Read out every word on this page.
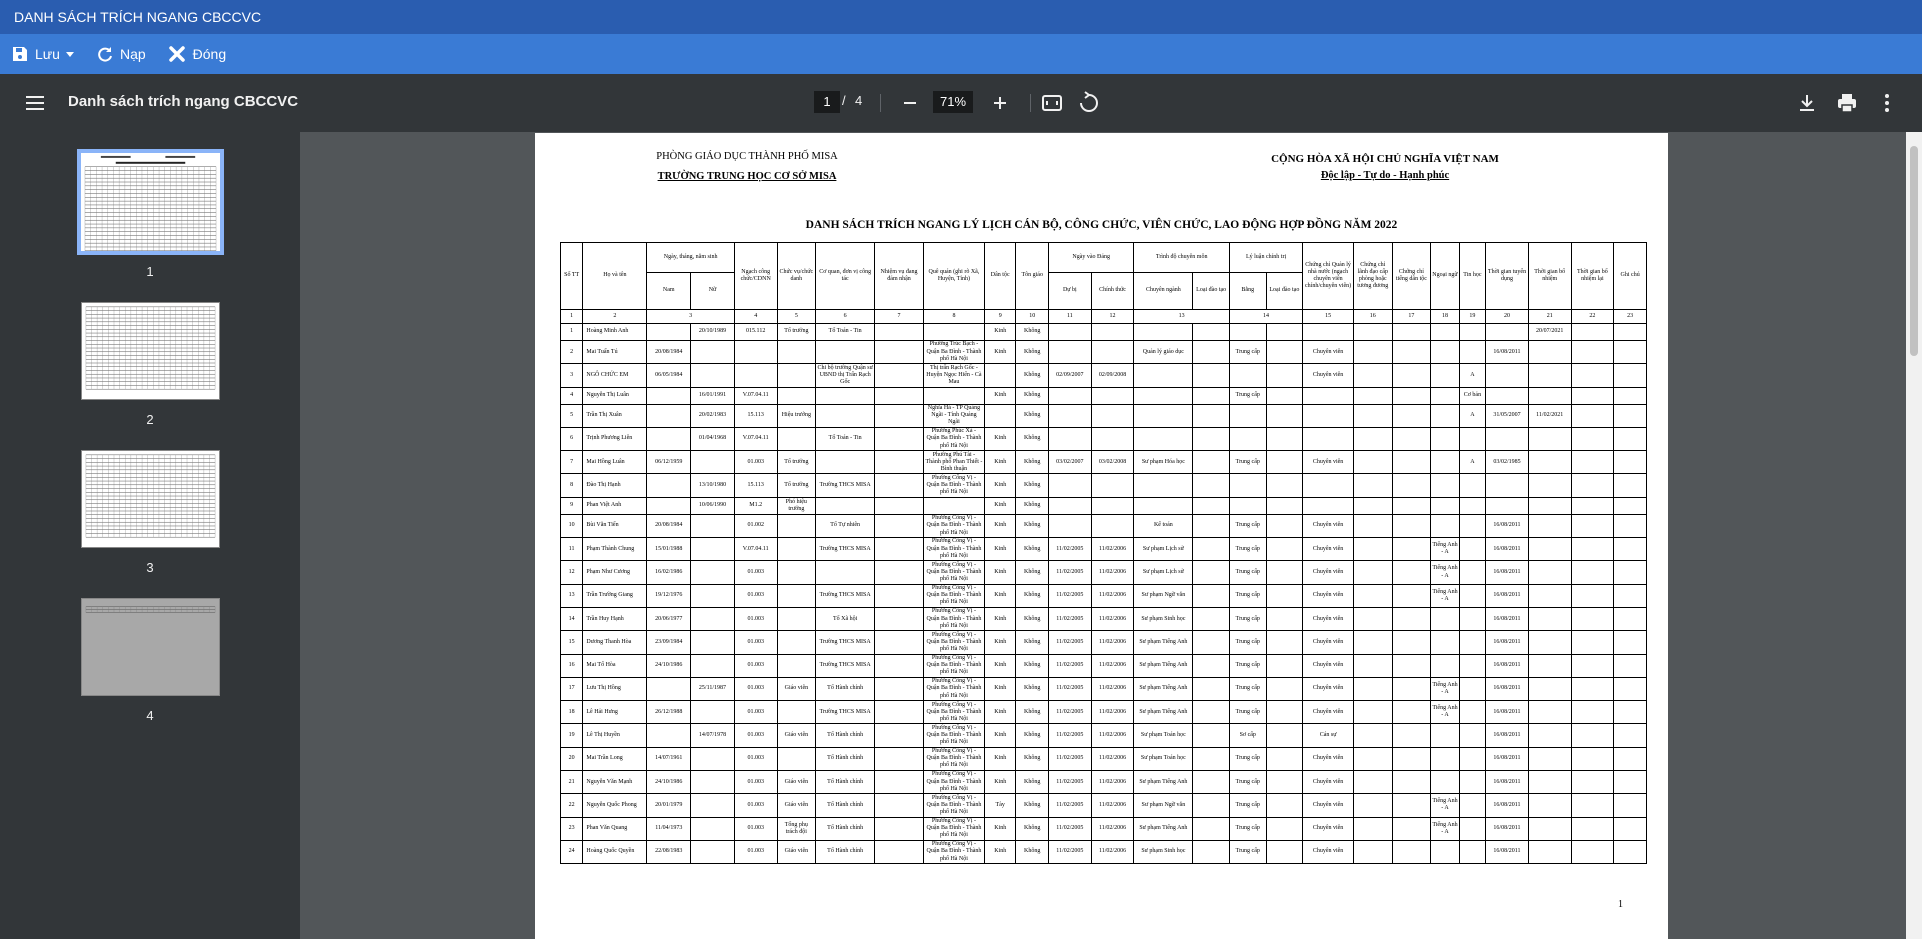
DANH SÁCH TRÍCH NGANG CBCCVC
Lưu	Nạp	Đóng
Danh sách trích ngang CBCCVC	1 / 4	71%
1
2
3
4
PHÒNG GIÁO DỤC THÀNH PHỐ MISA
TRƯỜNG TRUNG HỌC CƠ SỞ MISA
CỘNG HÒA XÃ HỘI CHỦ NGHĨA VIỆT NAM
Độc lập - Tự do - Hạnh phúc
DANH SÁCH TRÍCH NGANG LÝ LỊCH CÁN BỘ, CÔNG CHỨC, VIÊN CHỨC, LAO ĐỘNG HỢP ĐỒNG NĂM 2022
Số TT	Họ và tên	Ngày, tháng, năm sinh		Ngạch công chức/CDNN	Chức vụ/chức danh	Cơ quan, đơn vị công tác	Nhiệm vụ đang đảm nhận	Quê quán (ghi rõ Xã, Huyện, Tỉnh)	Dân tộc	Tôn giáo	Ngày vào Đảng		Trình độ chuyên môn		Lý luận chính trị		Chứng chỉ Quản lý nhà nước (ngạch chuyên viên chính/chuyên viên)	Chứng chỉ lãnh đạo cấp phòng hoặc tương đương	Chứng chỉ tiếng dân tộc	Ngoại ngữ	Tin học	Thời gian tuyển dụng	Thời gian bổ nhiệm	Thời gian bổ nhiệm lại	Ghi chú
		Nam	Nữ								Dự bị	Chính thức	Chuyên ngành	Loại đào tạo	Bằng	Loại đào tạo									
1	2	3		4	5	6	7	8	9	10	11	12	13		14		15	16	17	18	19	20	21	22	23
1	Hoàng Minh Anh		20/10/1989	015.112	Tổ trưởng	Tổ Toán - Tin			Kinh	Không													20/07/2021		
2	Mai Tuấn Tú	20/08/1984						Phường Trúc Bạch - Quận Ba Đình - Thành phố Hà Nội	Kinh	Không			Quản lý giáo dục		Trung cấp		Chuyên viên					16/08/2011			
3	NGÔ CHỨC EM	06/05/1984				Chi bộ trường Quận sư UBND thị Trấn Rạch Gốc		Thị trấn Rạch Gốc - Huyện Ngọc Hiển - Cà Mau		Không	02/09/2007	02/09/2008					Chuyên viên				A				
4	Nguyễn Thị Luân		16/01/1991	V.07.04.11					Kinh	Không					Trung cấp						Cơ bản				
5	Trần Thị Xuân		20/02/1983	15.113	Hiệu trưởng			Nghĩa Hà - TP Quảng Ngãi - Tỉnh Quảng Ngãi		Không											A	31/05/2007	11/02/2021		
6	Trịnh Phương Liên		01/04/1968	V.07.04.11		Tổ Toán - Tin		Phường Phúc Xá - Quận Ba Đình - Thành phố Hà Nội	Kinh	Không															
7	Mai Hồng Luân	06/12/1959		01.003	Tổ trưởng			Phường Phú Tài - Thành phố Phan Thiết - Bình thuận	Kinh	Không	03/02/2007	03/02/2008	Sư phạm Hóa học		Trung cấp		Chuyên viên				A	03/02/1985			
8	Đào Thị Hạnh		13/10/1980	15.113	Tổ trưởng	Trường THCS MISA		Phường Cống Vị - Quận Ba Đình - Thành phố Hà Nội	Kinh	Không															
9	Phan Việt Anh		10/06/1990	M1.2	Phó hiệu trưởng				Kinh	Không															
10	Bùi Văn Tiến	20/08/1984		01.002		Tổ Tự nhiên		Phường Cống Vị - Quận Ba Đình - Thành phố Hà Nội	Kinh	Không			Kế toán		Trung cấp		Chuyên viên					16/08/2011			
11	Phạm Thành Chung	15/01/1988		V.07.04.11		Trường THCS MISA		Phường Cống Vị - Quận Ba Đình - Thành phố Hà Nội	Kinh	Không	11/02/2005	11/02/2006	Sư phạm Lịch sử		Trung cấp		Chuyên viên			Tiếng Anh - A		16/08/2011			
12	Phạm Như Cương	16/02/1986		01.003				Phường Cống Vị - Quận Ba Đình - Thành phố Hà Nội	Kinh	Không	11/02/2005	11/02/2006	Sư phạm Lịch sử		Trung cấp		Chuyên viên			Tiếng Anh - A		16/08/2011			
13	Trần Trường Giang	19/12/1976		01.003		Trường THCS MISA		Phường Cống Vị - Quận Ba Đình - Thành phố Hà Nội	Kinh	Không	11/02/2005	11/02/2006	Sư phạm Ngữ văn		Trung cấp		Chuyên viên			Tiếng Anh - A		16/08/2011			
14	Trần Huy Hạnh	20/06/1977		01.003		Tổ Xã hội		Phường Cống Vị - Quận Ba Đình - Thành phố Hà Nội	Kinh	Không	11/02/2005	11/02/2006	Sư phạm Sinh học		Trung cấp		Chuyên viên					16/08/2011			
15	Dương Thanh Hòa	23/09/1984		01.003		Trường THCS MISA		Phường Cống Vị - Quận Ba Đình - Thành phố Hà Nội	Kinh	Không	11/02/2005	11/02/2006	Sư phạm Tiếng Anh		Trung cấp		Chuyên viên					16/08/2011			
16	Mai Tố Hòa	24/10/1986		01.003		Trường THCS MISA		Phường Cống Vị - Quận Ba Đình - Thành phố Hà Nội	Kinh	Không	11/02/2005	11/02/2006	Sư phạm Tiếng Anh		Trung cấp		Chuyên viên					16/08/2011			
17	Lưu Thị Hồng		25/11/1987	01.003	Giáo viên	Tổ Hành chính		Phường Cống Vị - Quận Ba Đình - Thành phố Hà Nội	Kinh	Không	11/02/2005	11/02/2006	Sư phạm Tiếng Anh		Trung cấp		Chuyên viên			Tiếng Anh - A		16/08/2011			
18	Lê Hải Hưng	26/12/1988		01.003		Trường THCS MISA		Phường Cống Vị - Quận Ba Đình - Thành phố Hà Nội	Kinh	Không	11/02/2005	11/02/2006	Sư phạm Tiếng Anh		Trung cấp		Chuyên viên			Tiếng Anh - A		16/08/2011			
19	Lê Thị Huyền		14/07/1978	01.003	Giáo viên	Tổ Hành chính		Phường Cống Vị - Quận Ba Đình - Thành phố Hà Nội	Kinh	Không	11/02/2005	11/02/2006	Sư phạm Toán học		Sơ cấp		Cán sự					16/08/2011			
20	Mai Trần Long	14/07/1961		01.003		Tổ Hành chính		Phường Cống Vị - Quận Ba Đình - Thành phố Hà Nội	Kinh	Không	11/02/2005	11/02/2006	Sư phạm Toán học		Trung cấp		Chuyên viên					16/08/2011			
21	Nguyễn Văn Mạnh	24/10/1986		01.003	Giáo viên	Tổ Hành chính		Phường Cống Vị - Quận Ba Đình - Thành phố Hà Nội	Kinh	Không	11/02/2005	11/02/2006	Sư phạm Tiếng Anh		Trung cấp		Chuyên viên					16/08/2011			
22	Nguyễn Quốc Phong	20/01/1979		01.003	Giáo viên	Tổ Hành chính		Phường Cống Vị - Quận Ba Đình - Thành phố Hà Nội	Tày	Không	11/02/2005	11/02/2006	Sư phạm Ngữ văn		Trung cấp		Chuyên viên			Tiếng Anh - A		16/08/2011			
23	Phan Văn Quang	11/04/1973		01.003	Tổng phụ trách đội	Tổ Hành chính		Phường Cống Vị - Quận Ba Đình - Thành phố Hà Nội	Kinh	Không	11/02/2005	11/02/2006	Sư phạm Tiếng Anh		Trung cấp		Chuyên viên			Tiếng Anh - A		16/08/2011			
24	Hoàng Quốc Quyền	22/08/1983		01.003	Giáo viên	Tổ Hành chính		Phường Cống Vị - Quận Ba Đình - Thành phố Hà Nội	Kinh	Không	11/02/2005	11/02/2006	Sư phạm Sinh học		Trung cấp		Chuyên viên					16/08/2011			
1
